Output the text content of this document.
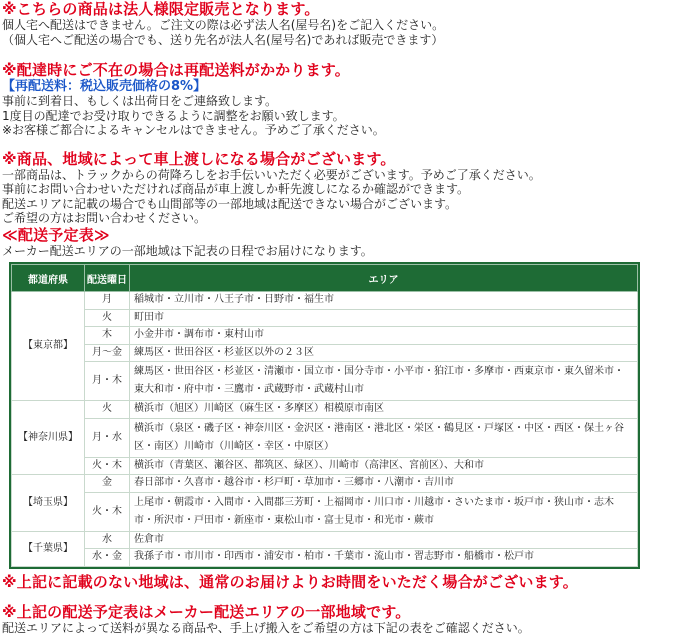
※こちらの商品は法人様限定販売となります。
個人宅へ配送はできません。ご注文の際は必ず法人名(屋号名)をご記入ください。
（個人宅へご配送の場合でも、送り先名が法人名(屋号名)であれば販売できます）
※配達時にご不在の場合は再配送料がかかります。
【再配送料：税込販売価格の8%】
事前に到着日、もしくは出荷日をご連絡致します。
1度目の配達でお受け取りできるように調整をお願い致します。
※お客様ご都合によるキャンセルはできません。予めご了承ください。
※商品、地域によって車上渡しになる場合がございます。
一部商品は、トラックからの荷降ろしをお手伝いいただく必要がございます。予めご了承ください。
事前にお問い合わせいただければ商品が車上渡しか軒先渡しになるか確認ができます。
配送エリアに記載の場合でも山間部等の一部地域は配送できない場合がございます。
ご希望の方はお問い合わせください。
≪配送予定表≫
メーカー配送エリアの一部地域は下記表の日程でお届けになります。
都道府県	配送曜日	エリア
【東京都】	月	稲城市・立川市・八王子市・日野市・福生市
	火	町田市
	木	小金井市・調布市・東村山市
	月～金	練馬区・世田谷区・杉並区以外の２３区
	月・木	練馬区・世田谷区・杉並区・清瀬市・国立市・国分寺市・小平市・狛江市・多摩市・西東京市・東久留米市・東大和市・府中市・三鷹市・武蔵野市・武蔵村山市

【神奈川県】	火	横浜市（旭区）川崎区（麻生区・多摩区）相模原市南区
	月・水	横浜市（泉区・磯子区・神奈川区・金沢区・港南区・港北区・栄区・鶴見区・戸塚区・中区・西区・保土ヶ谷区・南区）川崎市（川崎区・幸区・中原区）

	火・木	横浜市（青葉区、瀬谷区、都筑区、緑区）、川崎市（高津区、宮前区）、大和市
【埼玉県】	金	春日部市・久喜市・越谷市・杉戸町・草加市・三郷市・八潮市・吉川市
	火・木	上尾市・朝霞市・入間市・入間郡三芳町・上福岡市・川口市・川越市・さいたま市・坂戸市・狭山市・志木市・所沢市・戸田市・新座市・東松山市・富士見市・和光市・蕨市

【千葉県】	水	佐倉市
	水・金	我孫子市・市川市・印西市・浦安市・柏市・千葉市・流山市・習志野市・船橋市・松戸市
※上記に記載のない地域は、通常のお届けよりお時間をいただく場合がございます。
※上記の配送予定表はメーカー配送エリアの一部地域です。
配送エリアによって送料が異なる商品や、手上げ搬入をご希望の方は下記の表をご確認ください。
